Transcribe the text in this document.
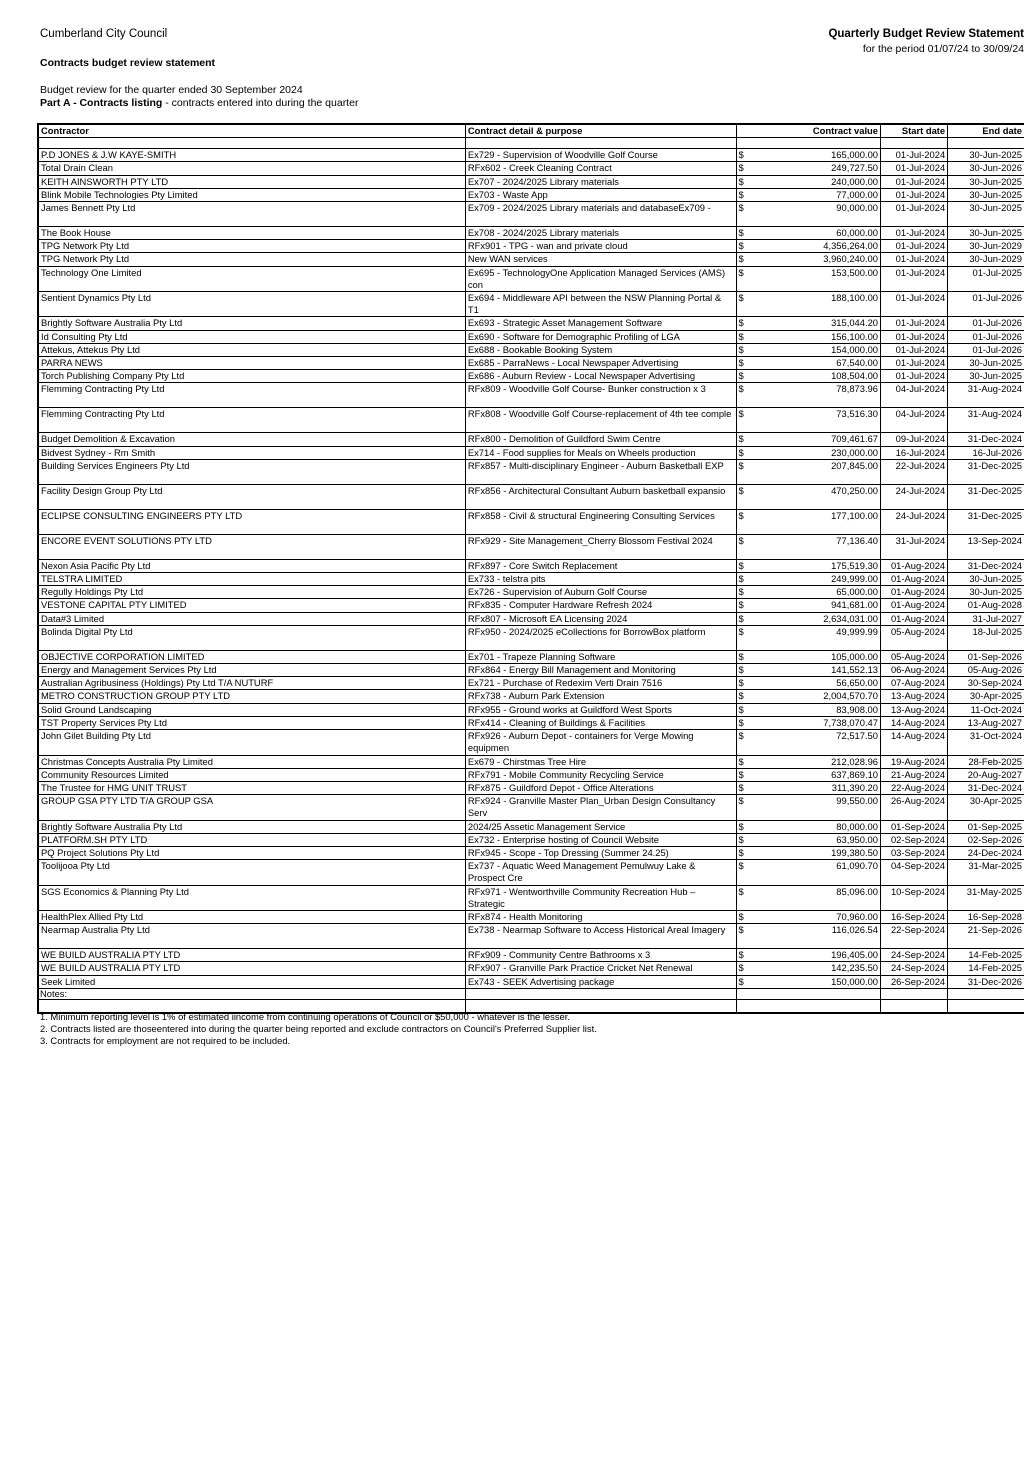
Cumberland City Council	Quarterly Budget Review Statement
for the period 01/07/24 to 30/09/24
Contracts budget review statement
Budget review for the quarter ended 30 September 2024
Part A - Contracts listing - contracts entered into during the quarter
Contractor	Contract detail & purpose		Contract value	Start date	End date

P.D JONES & J.W KAYE-SMITH	Ex729 - Supervision of Woodville Golf Course	$	165,000.00	01-Jul-2024	30-Jun-2025
Total Drain Clean	RFx602 - Creek Cleaning Contract	$	249,727.50	01-Jul-2024	30-Jun-2026
KEITH AINSWORTH PTY LTD	Ex707 - 2024/2025 Library materials	$	240,000.00	01-Jul-2024	30-Jun-2025
Blink Mobile Technologies Pty Limited	Ex703 - Waste App	$	77,000.00	01-Jul-2024	30-Jun-2025
James Bennett Pty Ltd	Ex709 - 2024/2025 Library materials and databaseEx709 -	$	90,000.00	01-Jul-2024	30-Jun-2025
The Book House	Ex708 - 2024/2025 Library materials	$	60,000.00	01-Jul-2024	30-Jun-2025
TPG Network Pty Ltd	RFx901 - TPG - wan and private cloud	$	4,356,264.00	01-Jul-2024	30-Jun-2029
TPG Network Pty Ltd	New WAN services	$	3,960,240.00	01-Jul-2024	30-Jun-2029
Technology One Limited	Ex695 - TechnologyOne Application Managed Services (AMS) con	$	153,500.00	01-Jul-2024	01-Jul-2025
Sentient Dynamics Pty Ltd	Ex694 - Middleware API between the NSW Planning Portal & T1	$	188,100.00	01-Jul-2024	01-Jul-2026
Brightly Software Australia Pty Ltd	Ex693 - Strategic Asset Management Software	$	315,044.20	01-Jul-2024	01-Jul-2026
Id Consulting Pty Ltd	Ex690 - Software for Demographic Profiling of LGA	$	156,100.00	01-Jul-2024	01-Jul-2026
Attekus, Attekus Pty Ltd	Ex688 - Bookable Booking System	$	154,000.00	01-Jul-2024	01-Jul-2026
PARRA NEWS	Ex685 - ParraNews - Local Newspaper Advertising	$	67,540.00	01-Jul-2024	30-Jun-2025
Torch Publishing Company Pty Ltd	Ex686 - Auburn Review - Local Newspaper Advertising	$	108,504.00	01-Jul-2024	30-Jun-2025
Flemming Contracting Pty Ltd	RFx809 - Woodville Golf Course- Bunker construction x 3	$	78,873.96	04-Jul-2024	31-Aug-2024
Flemming Contracting Pty Ltd	RFx808 - Woodville Golf Course-replacement of 4th tee comple	$	73,516.30	04-Jul-2024	31-Aug-2024
Budget Demolition & Excavation	RFx800 - Demolition of Guildford Swim Centre	$	709,461.67	09-Jul-2024	31-Dec-2024
Bidvest Sydney - Rm Smith	Ex714 - Food supplies for Meals on Wheels production	$	230,000.00	16-Jul-2024	16-Jul-2026
Building Services Engineers Pty Ltd	RFx857 - Multi-disciplinary Engineer - Auburn Basketball EXP	$	207,845.00	22-Jul-2024	31-Dec-2025
Facility Design Group Pty Ltd	RFx856 - Architectural Consultant Auburn basketball expansio	$	470,250.00	24-Jul-2024	31-Dec-2025
ECLIPSE CONSULTING ENGINEERS PTY LTD	RFx858 - Civil & structural Engineering Consulting Services	$	177,100.00	24-Jul-2024	31-Dec-2025
ENCORE EVENT SOLUTIONS PTY LTD	RFx929 - Site Management_Cherry Blossom Festival 2024	$	77,136.40	31-Jul-2024	13-Sep-2024
Nexon Asia Pacific Pty Ltd	RFx897 - Core Switch Replacement	$	175,519.30	01-Aug-2024	31-Dec-2024
TELSTRA LIMITED	Ex733 - telstra pits	$	249,999.00	01-Aug-2024	30-Jun-2025
Regully Holdings Pty Ltd	Ex726 - Supervision of Auburn Golf Course	$	65,000.00	01-Aug-2024	30-Jun-2025
VESTONE CAPITAL PTY LIMITED	RFx835 - Computer Hardware Refresh 2024	$	941,681.00	01-Aug-2024	01-Aug-2028
Data#3 Limited	RFx807 - Microsoft EA Licensing 2024	$	2,634,031.00	01-Aug-2024	31-Jul-2027
Bolinda Digital Pty Ltd	RFx950 - 2024/2025 eCollections for BorrowBox platform	$	49,999.99	05-Aug-2024	18-Jul-2025
OBJECTIVE CORPORATION LIMITED	Ex701 - Trapeze Planning Software	$	105,000.00	05-Aug-2024	01-Sep-2026
Energy and Management Services Pty Ltd	RFx864 - Energy Bill Management and Monitoring	$	141,552.13	06-Aug-2024	05-Aug-2026
Australian Agribusiness (Holdings) Pty Ltd T/A NUTURF	Ex721 - Purchase of Redexim Verti Drain 7516	$	56,650.00	07-Aug-2024	30-Sep-2024
METRO CONSTRUCTION GROUP PTY LTD	RFx738 - Auburn Park Extension	$	2,004,570.70	13-Aug-2024	30-Apr-2025
Solid Ground Landscaping	RFx955 - Ground works at Guildford West Sports	$	83,908.00	13-Aug-2024	11-Oct-2024
TST Property Services Pty Ltd	RFx414 - Cleaning of Buildings & Facilities	$	7,738,070.47	14-Aug-2024	13-Aug-2027
John Gilet Building Pty Ltd	RFx926 - Auburn Depot - containers for Verge Mowing equipmen	$	72,517.50	14-Aug-2024	31-Oct-2024
Christmas Concepts Australia Pty Limited	Ex679 - Chirstmas Tree Hire	$	212,028.96	19-Aug-2024	28-Feb-2025
Community Resources Limited	RFx791 - Mobile Community Recycling Service	$	637,869.10	21-Aug-2024	20-Aug-2027
The Trustee for HMG UNIT TRUST	RFx875 - Guildford Depot - Office Alterations	$	311,390.20	22-Aug-2024	31-Dec-2024
GROUP GSA PTY LTD T/A GROUP GSA	RFx924 - Granville Master Plan_Urban Design Consultancy Serv	$	99,550.00	26-Aug-2024	30-Apr-2025
Brightly Software Australia Pty Ltd	2024/25 Assetic Management Service	$	80,000.00	01-Sep-2024	01-Sep-2025
PLATFORM.SH PTY LTD	Ex732 - Enterprise hosting of Council Website	$	63,950.00	02-Sep-2024	02-Sep-2026
PQ Project Solutions Pty Ltd	RFx945 - Scope - Top Dressing (Summer 24.25)	$	199,380.50	03-Sep-2024	24-Dec-2024
Toolijooa Pty Ltd	Ex737 - Aquatic Weed Management Pemulwuy Lake & Prospect Cre	$	61,090.70	04-Sep-2024	31-Mar-2025
SGS Economics & Planning Pty Ltd	RFx971 - Wentworthville Community Recreation Hub – Strategic	$	85,096.00	10-Sep-2024	31-May-2025
HealthPlex Allied Pty Ltd	RFx874 - Health Monitoring	$	70,960.00	16-Sep-2024	16-Sep-2028
Nearmap Australia Pty Ltd	Ex738 - Nearmap Software to Access Historical Areal Imagery	$	116,026.54	22-Sep-2024	21-Sep-2026
WE BUILD AUSTRALIA PTY LTD	RFx909 - Community Centre Bathrooms x 3	$	196,405.00	24-Sep-2024	14-Feb-2025
WE BUILD AUSTRALIA PTY LTD	RFx907 - Granville Park Practice Cricket Net Renewal	$	142,235.50	24-Sep-2024	14-Feb-2025
Seek Limited	Ex743 - SEEK Advertising package	$	150,000.00	26-Sep-2024	31-Dec-2026

Notes:
1. Minimum reporting level is 1% of estimated iincome from continuing operations of Council or $50,000 - whatever is the lesser.
2. Contracts listed are thoseentered into during the quarter being reported and exclude contractors on Council's Preferred Supplier list.
3. Contracts for employment are not required to be included.
